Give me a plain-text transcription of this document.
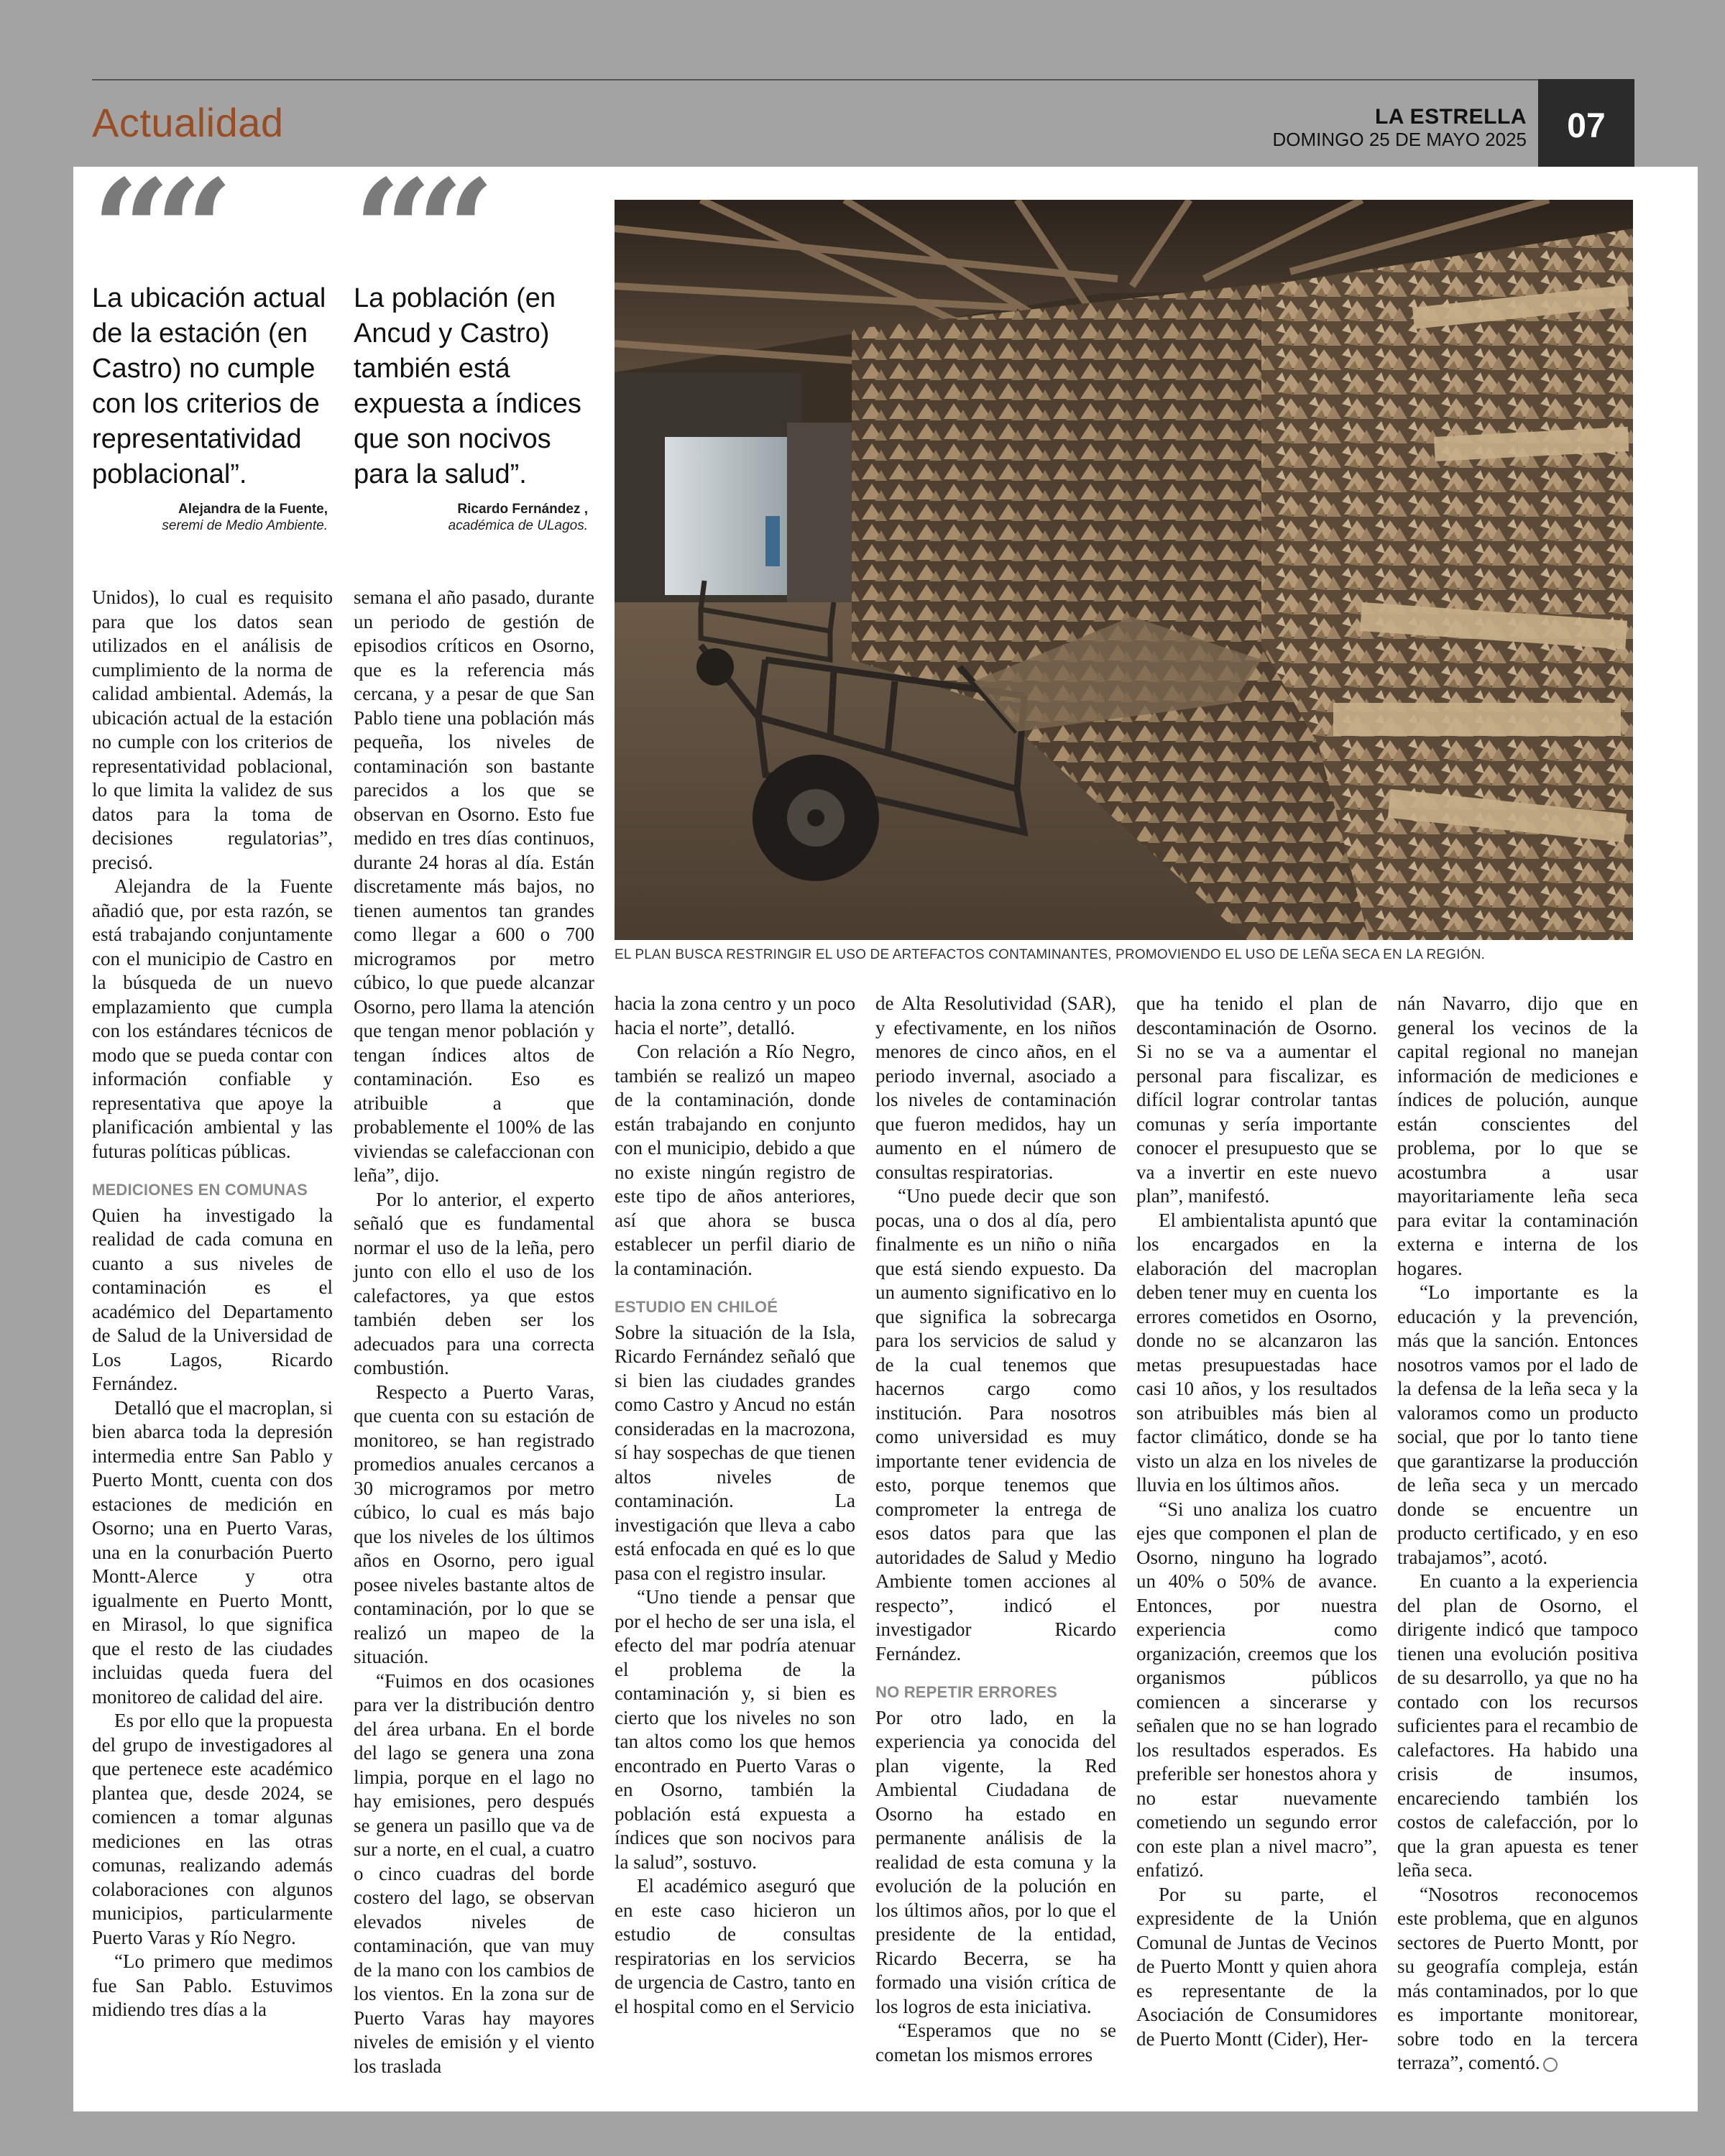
Actualidad	LA ESTRELLA
DOMINGO 25 DE MAYO 2025	07
““
La ubicación actual de la estación (en Castro) no cumple con los criterios de representatividad poblacional”.
Alejandra de la Fuente,
seremi de Medio Ambiente.
““
La población (en Ancud y Castro) también está expuesta a índices que son nocivos para la salud”.
Ricardo Fernández ,
académica de ULagos.
EL PLAN BUSCA RESTRINGIR EL USO DE ARTEFACTOS CONTAMINANTES, PROMOVIENDO EL USO DE LEÑA SECA EN LA REGIÓN.

Unidos), lo cual es requisito para que los datos sean utilizados en el análisis de cumplimiento de la norma de calidad ambiental. Además, la ubicación actual de la estación no cumple con los criterios de representatividad poblacional, lo que limita la validez de sus datos para la toma de decisiones regulatorias”, precisó.

Alejandra de la Fuente añadió que, por esta razón, se está trabajando conjuntamente con el municipio de Castro en la búsqueda de un nuevo emplazamiento que cumpla con los estándares técnicos de modo que se pueda contar con información confiable y representativa que apoye la planificación ambiental y las futuras políticas públicas.

MEDICIONES EN COMUNAS

Quien ha investigado la realidad de cada comuna en cuanto a sus niveles de contaminación es el académico del Departamento de Salud de la Universidad de Los Lagos, Ricardo Fernández.

Detalló que el macroplan, si bien abarca toda la depresión intermedia entre San Pablo y Puerto Montt, cuenta con dos estaciones de medición en Osorno; una en Puerto Varas, una en la conurbación Puerto Montt-Alerce y otra igualmente en Puerto Montt, en Mirasol, lo que significa que el resto de las ciudades incluidas queda fuera del monitoreo de calidad del aire.

Es por ello que la propuesta del grupo de investigadores al que pertenece este académico plantea que, desde 2024, se comiencen a tomar algunas mediciones en las otras comunas, realizando además colaboraciones con algunos municipios, particularmente Puerto Varas y Río Negro.

“Lo primero que medimos fue San Pablo. Estuvimos midiendo tres días a la

semana el año pasado, durante un periodo de gestión de episodios críticos en Osorno, que es la referencia más cercana, y a pesar de que San Pablo tiene una población más pequeña, los niveles de contaminación son bastante parecidos a los que se observan en Osorno. Esto fue medido en tres días continuos, durante 24 horas al día. Están discretamente más bajos, no tienen aumentos tan grandes como llegar a 600 o 700 microgramos por metro cúbico, lo que puede alcanzar Osorno, pero llama la atención que tengan menor población y tengan índices altos de contaminación. Eso es atribuible a que probablemente el 100% de las viviendas se calefaccionan con leña”, dijo.

Por lo anterior, el experto señaló que es fundamental normar el uso de la leña, pero junto con ello el uso de los calefactores, ya que estos también deben ser los adecuados para una correcta combustión.

Respecto a Puerto Varas, que cuenta con su estación de monitoreo, se han registrado promedios anuales cercanos a 30 microgramos por metro cúbico, lo cual es más bajo que los niveles de los últimos años en Osorno, pero igual posee niveles bastante altos de contaminación, por lo que se realizó un mapeo de la situación.

“Fuimos en dos ocasiones para ver la distribución dentro del área urbana. En el borde del lago se genera una zona limpia, porque en el lago no hay emisiones, pero después se genera un pasillo que va de sur a norte, en el cual, a cuatro o cinco cuadras del borde costero del lago, se observan elevados niveles de contaminación, que van muy de la mano con los cambios de los vientos. En la zona sur de Puerto Varas hay mayores niveles de emisión y el viento los traslada

hacia la zona centro y un poco hacia el norte”, detalló.

Con relación a Río Negro, también se realizó un mapeo de la contaminación, donde están trabajando en conjunto con el municipio, debido a que no existe ningún registro de este tipo de años anteriores, así que ahora se busca establecer un perfil diario de la contaminación.

ESTUDIO EN CHILOÉ

Sobre la situación de la Isla, Ricardo Fernández señaló que si bien las ciudades grandes como Castro y Ancud no están consideradas en la macrozona, sí hay sospechas de que tienen altos niveles de contaminación. La investigación que lleva a cabo está enfocada en qué es lo que pasa con el registro insular.

“Uno tiende a pensar que por el hecho de ser una isla, el efecto del mar podría atenuar el problema de la contaminación y, si bien es cierto que los niveles no son tan altos como los que hemos encontrado en Puerto Varas o en Osorno, también la población está expuesta a índices que son nocivos para la salud”, sostuvo.

El académico aseguró que en este caso hicieron un estudio de consultas respiratorias en los servicios de urgencia de Castro, tanto en el hospital como en el Servicio

de Alta Resolutividad (SAR), y efectivamente, en los niños menores de cinco años, en el periodo invernal, asociado a los niveles de contaminación que fueron medidos, hay un aumento en el número de consultas respiratorias.

“Uno puede decir que son pocas, una o dos al día, pero finalmente es un niño o niña que está siendo expuesto. Da un aumento significativo en lo que significa la sobrecarga para los servicios de salud y de la cual tenemos que hacernos cargo como institución. Para nosotros como universidad es muy importante tener evidencia de esto, porque tenemos que comprometer la entrega de esos datos para que las autoridades de Salud y Medio Ambiente tomen acciones al respecto”, indicó el investigador Ricardo Fernández.

NO REPETIR ERRORES

Por otro lado, en la experiencia ya conocida del plan vigente, la Red Ambiental Ciudadana de Osorno ha estado en permanente análisis de la realidad de esta comuna y la evolución de la polución en los últimos años, por lo que el presidente de la entidad, Ricardo Becerra, se ha formado una visión crítica de los logros de esta iniciativa.

“Esperamos que no se cometan los mismos errores

que ha tenido el plan de descontaminación de Osorno. Si no se va a aumentar el personal para fiscalizar, es difícil lograr controlar tantas comunas y sería importante conocer el presupuesto que se va a invertir en este nuevo plan”, manifestó.

El ambientalista apuntó que los encargados en la elaboración del macroplan deben tener muy en cuenta los errores cometidos en Osorno, donde no se alcanzaron las metas presupuestadas hace casi 10 años, y los resultados son atribuibles más bien al factor climático, donde se ha visto un alza en los niveles de lluvia en los últimos años.

“Si uno analiza los cuatro ejes que componen el plan de Osorno, ninguno ha logrado un 40% o 50% de avance. Entonces, por nuestra experiencia como organización, creemos que los organismos públicos comiencen a sincerarse y señalen que no se han logrado los resultados esperados. Es preferible ser honestos ahora y no estar nuevamente cometiendo un segundo error con este plan a nivel macro”, enfatizó.

Por su parte, el expresidente de la Unión Comunal de Juntas de Vecinos de Puerto Montt y quien ahora es representante de la Asociación de Consumidores de Puerto Montt (Cider), Her-

nán Navarro, dijo que en general los vecinos de la capital regional no manejan información de mediciones e índices de polución, aunque están conscientes del problema, por lo que se acostumbra a usar mayoritariamente leña seca para evitar la contaminación externa e interna de los hogares.

“Lo importante es la educación y la prevención, más que la sanción. Entonces nosotros vamos por el lado de la defensa de la leña seca y la valoramos como un producto social, que por lo tanto tiene que garantizarse la producción de leña seca y un mercado donde se encuentre un producto certificado, y en eso trabajamos”, acotó.

En cuanto a la experiencia del plan de Osorno, el dirigente indicó que tampoco tienen una evolución positiva de su desarrollo, ya que no ha contado con los recursos suficientes para el recambio de calefactores. Ha habido una crisis de insumos, encareciendo también los costos de calefacción, por lo que la gran apuesta es tener leña seca.

“Nosotros reconocemos este problema, que en algunos sectores de Puerto Montt, por su geografía compleja, están más contaminados, por lo que es importante monitorear, sobre todo en la tercera terraza”, comentó.
